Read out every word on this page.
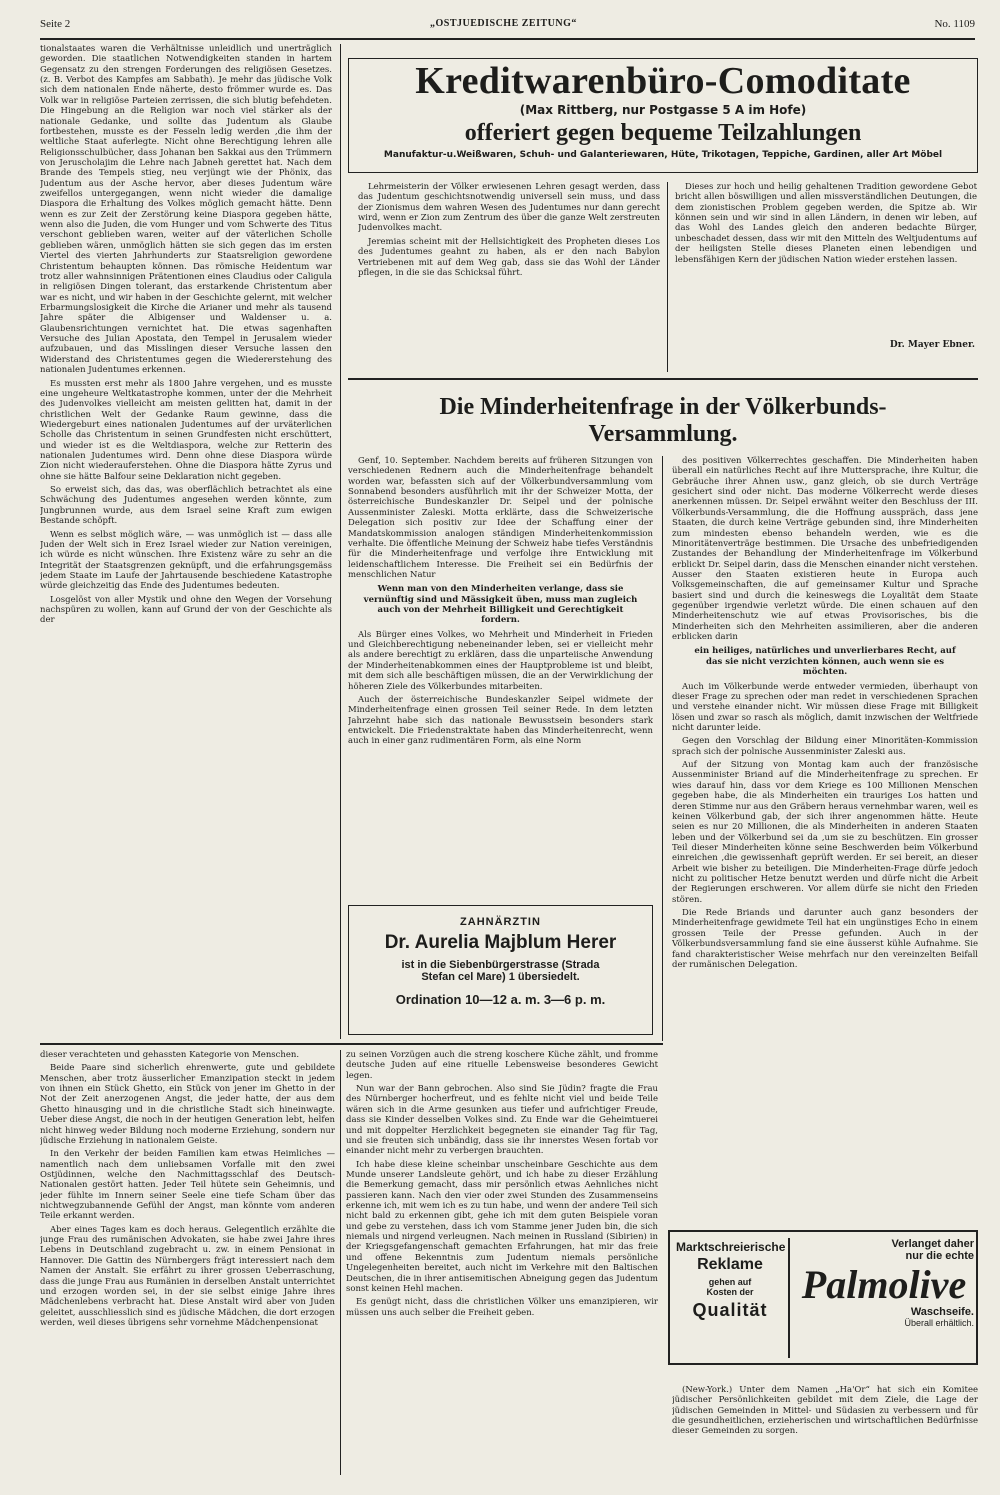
Seite 2	„OSTJUEDISCHE ZEITUNG“	No. 1109

tionalstaates waren die Verhältnisse unleidlich und unerträglich geworden. Die staatlichen Notwendigkeiten standen in hartem Gegensatz zu den strengen Forderungen des religiösen Gesetzes. (z. B. Verbot des Kampfes am Sabbath). Je mehr das jüdische Volk sich dem nationalen Ende näherte, desto frömmer wurde es. Das Volk war in religiöse Parteien zerrissen, die sich blutig befehdeten. Die Hingebung an die Religion war noch viel stärker als der nationale Gedanke, und sollte das Judentum als Glaube fortbestehen, musste es der Fesseln ledig werden ‚die ihm der weltliche Staat auferlegte. Nicht ohne Berechtigung lehren alle Religionsschulbücher, dass Johanan ben Sakkai aus den Trümmern von Jeruscholajim die Lehre nach Jabneh gerettet hat. Nach dem Brande des Tempels stieg, neu verjüngt wie der Phönix, das Judentum aus der Asche hervor, aber dieses Judentum wäre zweifellos untergegangen, wenn nicht wieder die damalige Diaspora die Erhaltung des Volkes möglich gemacht hätte. Denn wenn es zur Zeit der Zerstörung keine Diaspora gegeben hätte, wenn also die Juden, die vom Hunger und vom Schwerte des Titus verschont geblieben waren, weiter auf der väterlichen Scholle geblieben wären, unmöglich hätten sie sich gegen das im ersten Viertel des vierten Jahrhunderts zur Staatsreligion gewordene Christentum behaupten können. Das römische Heidentum war trotz aller wahnsinnigen Prätentionen eines Claudius oder Caligula in religiösen Dingen tolerant, das erstarkende Christentum aber war es nicht, und wir haben in der Geschichte gelernt, mit welcher Erbarmungslosigkeit die Kirche die Arianer und mehr als tausend Jahre später die Albigenser und Waldenser u. a. Glaubensrichtungen vernichtet hat. Die etwas sagenhaften Versuche des Julian Apostata, den Tempel in Jerusalem wieder aufzubauen, und das Misslingen dieser Versuche lassen den Widerstand des Christentumes gegen die Wiedererstehung des nationalen Judentumes erkennen.

Es mussten erst mehr als 1800 Jahre vergehen, und es musste eine ungeheure Weltkatastrophe kommen, unter der die Mehrheit des Judenvolkes vielleicht am meisten gelitten hat, damit in der christlichen Welt der Gedanke Raum gewinne, dass die Wiedergeburt eines nationalen Judentumes auf der urväterlichen Scholle das Christentum in seinen Grundfesten nicht erschüttert, und wieder ist es die Weltdiaspora, welche zur Retterin des nationalen Judentumes wird. Denn ohne diese Diaspora würde Zion nicht wiederauferstehen. Ohne die Diaspora hätte Zyrus und ohne sie hätte Balfour seine Deklaration nicht gegeben.

So erweist sich, das das, was oberflächlich betrachtet als eine Schwächung des Judentumes angesehen werden könnte, zum Jungbrunnen wurde, aus dem Israel seine Kraft zum ewigen Bestande schöpft.

Wenn es selbst möglich wäre, — was unmöglich ist — dass alle Juden der Welt sich in Erez Israel wieder zur Nation vereinigen, ich würde es nicht wünschen. Ihre Existenz wäre zu sehr an die Integrität der Staatsgrenzen geknüpft, und die erfahrungsgemäss jedem Staate im Laufe der Jahrtausende beschiedene Katastrophe würde gleichzeitig das Ende des Judentumes bedeuten.

Losgelöst von aller Mystik und ohne den Wegen der Vorsehung nachspüren zu wollen, kann auf Grund der von der Geschichte als der

Kreditwarenbüro-Comoditate
(Max Rittberg, nur Postgasse 5 A im Hofe)
offeriert gegen bequeme Teilzahlungen
Manufaktur-u.Weißwaren, Schuh- und Galanteriewaren, Hüte, Trikotagen, Teppiche, Gardinen, aller Art Möbel

Lehrmeisterin der Völker erwiesenen Lehren gesagt werden, dass das Judentum geschichtsnotwendig universell sein muss, und dass der Zionismus dem wahren Wesen des Judentumes nur dann gerecht wird, wenn er Zion zum Zentrum des über die ganze Welt zerstreuten Judenvolkes macht.

Jeremias scheint mit der Hellsichtigkeit des Propheten dieses Los des Judentumes geahnt zu haben, als er den nach Babylon Vertriebenen mit auf dem Weg gab, dass sie das Wohl der Länder pflegen, in die sie das Schicksal führt.

Dieses zur hoch und heilig gehaltenen Tradition gewordene Gebot bricht allen böswilligen und allen missverständlichen Deutungen, die dem zionistischen Problem gegeben werden, die Spitze ab. Wir können sein und wir sind in allen Ländern, in denen wir leben, auf das Wohl des Landes gleich den anderen bedachte Bürger, unbeschadet dessen, dass wir mit den Mitteln des Weltjudentums auf der heiligsten Stelle dieses Planeten einen lebendigen und lebensfähigen Kern der jüdischen Nation wieder erstehen lassen.

Dr. Mayer Ebner.
Die Minderheitenfrage in der Völkerbunds-
Versammlung.

Genf, 10. September. Nachdem bereits auf früheren Sitzungen von verschiedenen Rednern auch die Minderheitenfrage behandelt worden war, befassten sich auf der Völkerbundversammlung vom Sonnabend besonders ausführlich mit ihr der Schweizer Motta, der österreichische Bundeskanzler Dr. Seipel und der polnische Aussenminister Zaleski. Motta erklärte, dass die Schweizerische Delegation sich positiv zur Idee der Schaffung einer der Mandatskommission analogen ständigen Minderheitenkommission verhalte. Die öffentliche Meinung der Schweiz habe tiefes Verständnis für die Minderheitenfrage und verfolge ihre Entwicklung mit leidenschaftlichem Interesse. Die Freiheit sei ein Bedürfnis der menschlichen Natur

Wenn man von den Minderheiten verlange, dass sie vernünftig sind und Mässigkeit üben, muss man zugleich auch von der Mehrheit Billigkeit und Gerechtigkeit fordern.

Als Bürger eines Volkes, wo Mehrheit und Minderheit in Frieden und Gleichberechtigung nebeneinander leben, sei er vielleicht mehr als andere berechtigt zu erklären, dass die unparteiische Anwendung der Minderheitenabkommen eines der Hauptprobleme ist und bleibt, mit dem sich alle beschäftigen müssen, die an der Verwirklichung der höheren Ziele des Völkerbundes mitarbeiten.

Auch der österreichische Bundeskanzler Seipel widmete der Minderheitenfrage einen grossen Teil seiner Rede. In dem letzten Jahrzehnt habe sich das nationale Bewusstsein besonders stark entwickelt. Die Friedenstraktate haben das Minderheitenrecht, wenn auch in einer ganz rudimentären Form, als eine Norm

des positiven Völkerrechtes geschaffen. Die Minderheiten haben überall ein natürliches Recht auf ihre Muttersprache, ihre Kultur, die Gebräuche ihrer Ahnen usw., ganz gleich, ob sie durch Verträge gesichert sind oder nicht. Das moderne Völkerrecht werde dieses anerkennen müssen. Dr. Seipel erwähnt weiter den Beschluss der III. Völkerbunds-Versammlung, die die Hoffnung ausspräch, dass jene Staaten, die durch keine Verträge gebunden sind, ihre Minderheiten zum mindesten ebenso behandeln werden, wie es die Minoritätenverträge bestimmen. Die Ursache des unbefriedigenden Zustandes der Behandlung der Minderheitenfrage im Völkerbund erblickt Dr. Seipel darin, dass die Menschen einander nicht verstehen. Ausser den Staaten existieren heute in Europa auch Volksgemeinschaften, die auf gemeinsamer Kultur und Sprache basiert sind und durch die keineswegs die Loyalität dem Staate gegenüber irgendwie verletzt würde. Die einen schauen auf den Minderheitenschutz wie auf etwas Provisorisches, bis die Minderheiten sich den Mehrheiten assimilieren, aber die anderen erblicken darin

ein heiliges, natürliches und unverlierbares Recht, auf das sie nicht verzichten können, auch wenn sie es möchten.

Auch im Völkerbunde werde entweder vermieden, überhaupt von dieser Frage zu sprechen oder man redet in verschiedenen Sprachen und verstehe einander nicht. Wir müssen diese Frage mit Billigkeit lösen und zwar so rasch als möglich, damit inzwischen der Weltfriede nicht darunter leide.

Gegen den Vorschlag der Bildung einer Minoritäten-Kommission sprach sich der polnische Aussenminister Zaleski aus.

Auf der Sitzung von Montag kam auch der französische Aussenminister Briand auf die Minderheitenfrage zu sprechen. Er wies darauf hin, dass vor dem Kriege es 100 Millionen Menschen gegeben habe, die als Minderheiten ein trauriges Los hatten und deren Stimme nur aus den Gräbern heraus vernehmbar waren, weil es keinen Völkerbund gab, der sich ihrer angenommen hätte. Heute seien es nur 20 Millionen, die als Minderheiten in anderen Staaten leben und der Völkerbund sei da ‚um sie zu beschützen. Ein grosser Teil dieser Minderheiten könne seine Beschwerden beim Völkerbund einreichen ‚die gewissenhaft geprüft werden. Er sei bereit, an dieser Arbeit wie bisher zu beteiligen. Die Minderheiten-Frage dürfe jedoch nicht zu politischer Hetze benutzt werden und dürfe nicht die Arbeit der Regierungen erschweren. Vor allem dürfe sie nicht den Frieden stören.

Die Rede Briands und darunter auch ganz besonders der Minderheitenfrage gewidmete Teil hat ein ungünstiges Echo in einem grossen Teile der Presse gefunden. Auch in der Völkerbundsversammlung fand sie eine äusserst kühle Aufnahme. Sie fand charakteristischer Weise mehrfach nur den vereinzelten Beifall der rumänischen Delegation.

ZAHNÄRZTIN
Dr. Aurelia Majblum Herer
ist in die Siebenbürgerstrasse (Strada
Stefan cel Mare) 1 übersiedelt.
Ordination 10—12 a. m. 3—6 p. m.

dieser verachteten und gehassten Kategorie von Menschen.

Beide Paare sind sicherlich ehrenwerte, gute und gebildete Menschen, aber trotz äusserlicher Emanzipation steckt in jedem von ihnen ein Stück Ghetto, ein Stück von jener im Ghetto in der Not der Zeit anerzogenen Angst, die jeder hatte, der aus dem Ghetto hinausging und in die christliche Stadt sich hineinwagte. Ueber diese Angst, die noch in der heutigen Generation lebt, helfen nicht hinweg weder Bildung noch moderne Erziehung, sondern nur jüdische Erziehung in nationalem Geiste.

In den Verkehr der beiden Familien kam etwas Heimliches — namentlich nach dem unliebsamen Vorfalle mit den zwei Ostjüdinnen, welche den Nachmittagsschlaf des Deutsch-Nationalen gestört hatten. Jeder Teil hütete sein Geheimnis, und jeder fühlte im Innern seiner Seele eine tiefe Scham über das nichtwegzubannende Gefühl der Angst, man könnte vom anderen Teile erkannt werden.

Aber eines Tages kam es doch heraus. Gelegentlich erzählte die junge Frau des rumänischen Advokaten, sie habe zwei Jahre ihres Lebens in Deutschland zugebracht u. zw. in einem Pensionat in Hannover. Die Gattin des Nürnbergers frägt interessiert nach dem Namen der Anstalt. Sie erfährt zu ihrer grossen Ueberraschung, dass die junge Frau aus Rumänien in derselben Anstalt unterrichtet und erzogen worden sei, in der sie selbst einige Jahre ihres Mädchenlebens verbracht hat. Diese Anstalt wird aber von Juden geleitet, ausschliesslich sind es jüdische Mädchen, die dort erzogen werden, weil dieses übrigens sehr vornehme Mädchenpensionat

zu seinen Vorzügen auch die streng koschere Küche zählt, und fromme deutsche Juden auf eine rituelle Lebensweise besonderes Gewicht legen.

Nun war der Bann gebrochen. Also sind Sie Jüdin? fragte die Frau des Nürnberger hocherfreut, und es fehlte nicht viel und beide Teile wären sich in die Arme gesunken aus tiefer und aufrichtiger Freude, dass sie Kinder desselben Volkes sind. Zu Ende war die Geheimtuerei und mit doppelter Herzlichkeit begegneten sie einander Tag für Tag, und sie freuten sich unbändig, dass sie ihr innerstes Wesen fortab vor einander nicht mehr zu verbergen brauchten.

Ich habe diese kleine scheinbar unscheinbare Geschichte aus dem Munde unserer Landsleute gehört, und ich habe zu dieser Erzählung die Bemerkung gemacht, dass mir persönlich etwas Aehnliches nicht passieren kann. Nach den vier oder zwei Stunden des Zusammenseins erkenne ich, mit wem ich es zu tun habe, und wenn der andere Teil sich nicht bald zu erkennen gibt, gehe ich mit dem guten Beispiele voran und gebe zu verstehen, dass ich vom Stamme jener Juden bin, die sich niemals und nirgend verleugnen. Nach meinen in Russland (Sibirien) in der Kriegsgefangenschaft gemachten Erfahrungen, hat mir das freie und offene Bekenntnis zum Judentum niemals persönliche Ungelegenheiten bereitet, auch nicht im Verkehre mit den Baltischen Deutschen, die in ihrer antisemitischen Abneigung gegen das Judentum sonst keinen Hehl machen.

Es genügt nicht, dass die christlichen Völker uns emanzipieren, wir müssen uns auch selber die Freiheit geben.

Marktschreierische
Reklame
gehen auf
Kosten der
Qualität
Verlanget daher
nur die echte
Palmolive
Waschseife.
Überall erhältlich.

(New-York.) Unter dem Namen „Ha'Or“ hat sich ein Komitee jüdischer Persönlichkeiten gebildet mit dem Ziele, die Lage der jüdischen Gemeinden in Mittel- und Südasien zu verbessern und für die gesundheitlichen, erzieherischen und wirtschaftlichen Bedürfnisse dieser Gemeinden zu sorgen.
